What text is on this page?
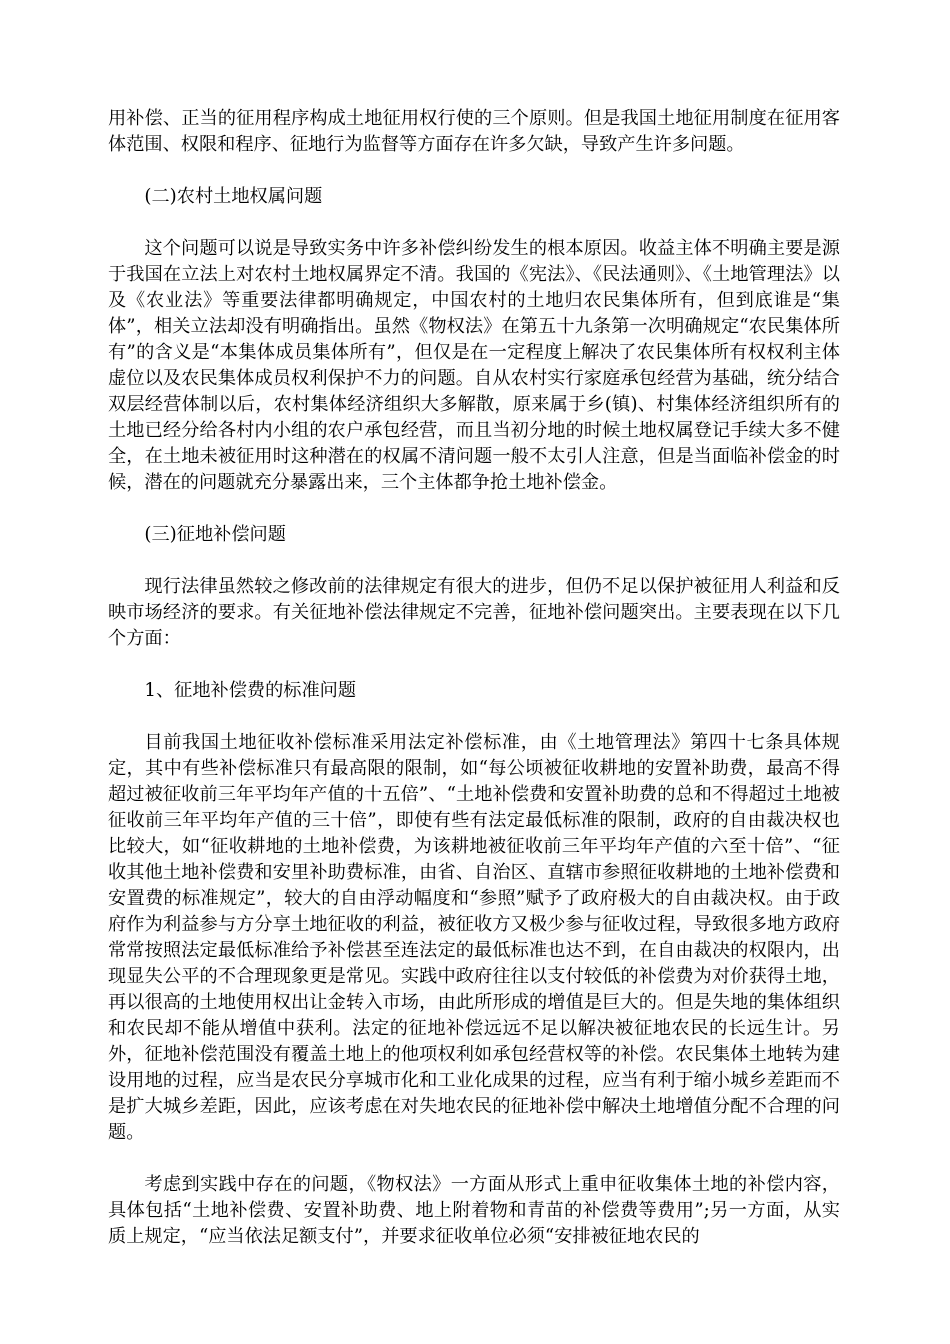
用补偿、正当的征用程序构成土地征用权行使的三个原则。但是我国土地征用制度在征用客体范围、权限和程序、征地行为监督等方面存在许多欠缺，导致产生许多问题。

(二)农村土地权属问题

这个问题可以说是导致实务中许多补偿纠纷发生的根本原因。收益主体不明确主要是源于我国在立法上对农村土地权属界定不清。我国的《宪法》、《民法通则》、《土地管理法》以及《农业法》等重要法律都明确规定，中国农村的土地归农民集体所有，但到底谁是“集体”，相关立法却没有明确指出。虽然《物权法》在第五十九条第一次明确规定“农民集体所有”的含义是“本集体成员集体所有”，但仅是在一定程度上解决了农民集体所有权权利主体虚位以及农民集体成员权利保护不力的问题。自从农村实行家庭承包经营为基础，统分结合双层经营体制以后，农村集体经济组织大多解散，原来属于乡(镇)、村集体经济组织所有的土地已经分给各村内小组的农户承包经营，而且当初分地的时候土地权属登记手续大多不健全，在土地未被征用时这种潜在的权属不清问题一般不太引人注意，但是当面临补偿金的时候，潜在的问题就充分暴露出来，三个主体都争抢土地补偿金。

(三)征地补偿问题

现行法律虽然较之修改前的法律规定有很大的进步，但仍不足以保护被征用人利益和反映市场经济的要求。有关征地补偿法律规定不完善，征地补偿问题突出。主要表现在以下几个方面：

1、征地补偿费的标准问题

目前我国土地征收补偿标准采用法定补偿标准，由《土地管理法》第四十七条具体规定，其中有些补偿标准只有最高限的限制，如“每公顷被征收耕地的安置补助费，最高不得超过被征收前三年平均年产值的十五倍”、“土地补偿费和安置补助费的总和不得超过土地被征收前三年平均年产值的三十倍”，即使有些有法定最低标准的限制，政府的自由裁决权也比较大，如“征收耕地的土地补偿费，为该耕地被征收前三年平均年产值的六至十倍”、“征收其他土地补偿费和安里补助费标准，由省、自治区、直辖市参照征收耕地的土地补偿费和安置费的标准规定”，较大的自由浮动幅度和“参照”赋予了政府极大的自由裁决权。由于政府作为利益参与方分享土地征收的利益，被征收方又极少参与征收过程，导致很多地方政府常常按照法定最低标准给予补偿甚至连法定的最低标准也达不到，在自由裁决的权限内，出现显失公平的不合理现象更是常见。实践中政府往往以支付较低的补偿费为对价获得土地，再以很高的土地使用权出让金转入市场，由此所形成的增值是巨大的。但是失地的集体组织和农民却不能从增值中获利。法定的征地补偿远远不足以解决被征地农民的长远生计。另外，征地补偿范围没有覆盖土地上的他项权利如承包经营权等的补偿。农民集体土地转为建设用地的过程，应当是农民分享城市化和工业化成果的过程，应当有利于缩小城乡差距而不是扩大城乡差距，因此，应该考虑在对失地农民的征地补偿中解决土地增值分配不合理的问题。

考虑到实践中存在的问题，《物权法》一方面从形式上重申征收集体土地的补偿内容，具体包括“土地补偿费、安置补助费、地上附着物和青苗的补偿费等费用”;另一方面，从实质上规定，“应当依法足额支付”，并要求征收单位必须“安排被征地农民的
